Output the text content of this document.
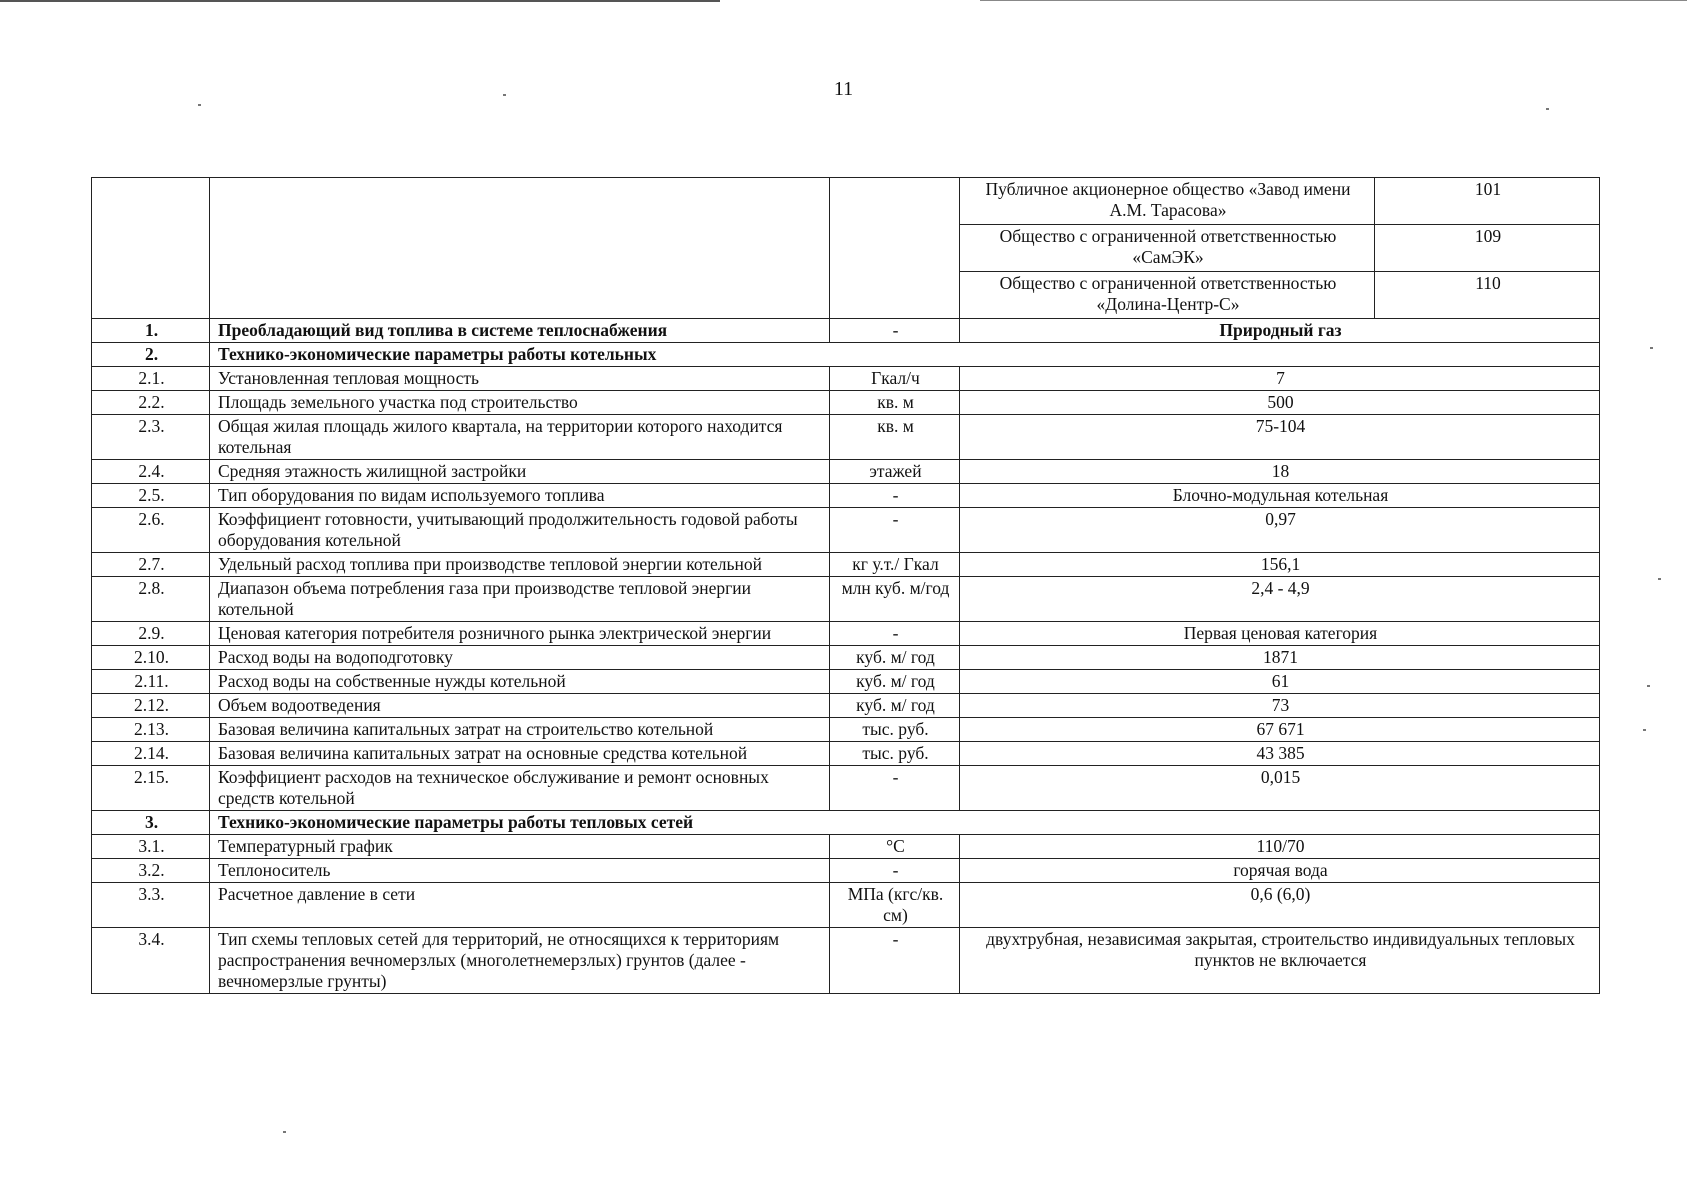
11
			Публичное акционерное общество «Завод имени А.М. Тарасова»	101
			Общество с ограниченной ответственностью «СамЭК»	109
			Общество с ограниченной ответственностью «Долина-Центр-С»	110
1.	Преобладающий вид топлива в системе теплоснабжения	-	Природный газ	
2.	Технико-экономические параметры работы котельных			
2.1.	Установленная тепловая мощность	Гкал/ч	7	
2.2.	Площадь земельного участка под строительство	кв. м	500	
2.3.	Общая жилая площадь жилого квартала, на территории которого находится котельная	кв. м	75-104	
2.4.	Средняя этажность жилищной застройки	этажей	18	
2.5.	Тип оборудования по видам используемого топлива	-	Блочно-модульная котельная	
2.6.	Коэффициент готовности, учитывающий продолжительность годовой работы оборудования котельной	-	0,97	
2.7.	Удельный расход топлива при производстве тепловой энергии котельной	кг у.т./ Гкал	156,1	
2.8.	Диапазон объема потребления газа при производстве тепловой энергии котельной	млн куб. м/год	2,4 - 4,9	
2.9.	Ценовая категория потребителя розничного рынка электрической энергии	-	Первая ценовая категория	
2.10.	Расход воды на водоподготовку	куб. м/ год	1871	
2.11.	Расход воды на собственные нужды котельной	куб. м/ год	61	
2.12.	Объем водоотведения	куб. м/ год	73	
2.13.	Базовая величина капитальных затрат на строительство котельной	тыс. руб.	67 671	
2.14.	Базовая величина капитальных затрат на основные средства котельной	тыс. руб.	43 385	
2.15.	Коэффициент расходов на техническое обслуживание и ремонт основных средств котельной	-	0,015	
3.	Технико-экономические параметры работы тепловых сетей			
3.1.	Температурный график	°С	110/70	
3.2.	Теплоноситель	-	горячая вода	
3.3.	Расчетное давление в сети	МПа (кгс/кв. см)	0,6 (6,0)	
3.4.	Тип схемы тепловых сетей для территорий, не относящихся к территориям распространения вечномерзлых (многолетнемерзлых) грунтов (далее - вечномерзлые грунты)	-	двухтрубная, независимая закрытая, строительство индивидуальных тепловых пунктов не включается	
